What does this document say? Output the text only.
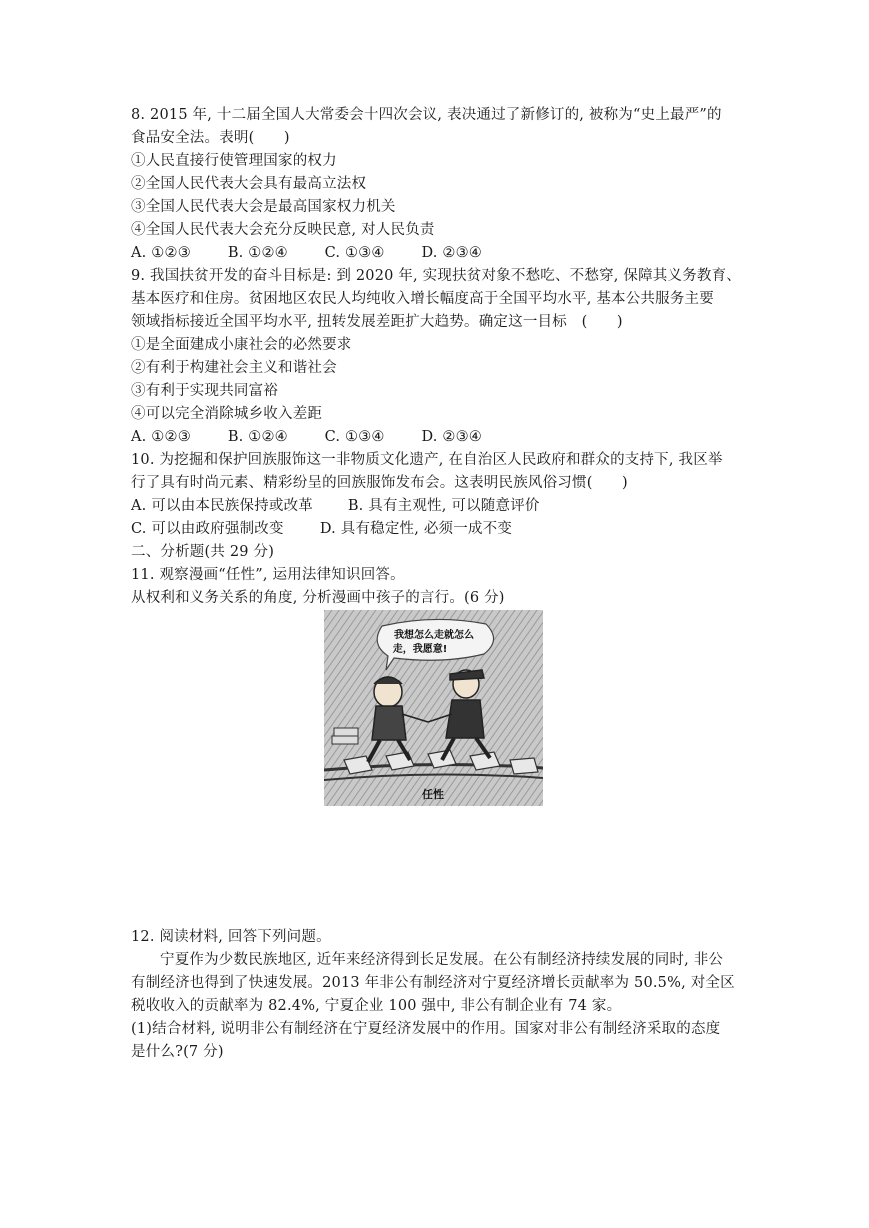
8. 2015 年, 十二届全国人大常委会十四次会议, 表决通过了新修订的, 被称为“史上最严”的
食品安全法。表明(　　)
①人民直接行使管理国家的权力
②全国人民代表大会具有最高立法权
③全国人民代表大会是最高国家权力机关
④全国人民代表大会充分反映民意, 对人民负责
A. ①②③	B. ①②④	C. ①③④	D. ②③④
9. 我国扶贫开发的奋斗目标是: 到 2020 年, 实现扶贫对象不愁吃、不愁穿, 保障其义务教育、
基本医疗和住房。贫困地区农民人均纯收入增长幅度高于全国平均水平, 基本公共服务主要
领域指标接近全国平均水平, 扭转发展差距扩大趋势。确定这一目标　(　　)
①是全面建成小康社会的必然要求
②有利于构建社会主义和谐社会
③有利于实现共同富裕
④可以完全消除城乡收入差距
A. ①②③	B. ①②④	C. ①③④	D. ②③④
10. 为挖掘和保护回族服饰这一非物质文化遗产, 在自治区人民政府和群众的支持下, 我区举
行了具有时尚元素、精彩纷呈的回族服饰发布会。这表明民族风俗习惯(　　)
A. 可以由本民族保持或改革 B. 具有主观性, 可以随意评价
C. 可以由政府强制改变 D. 具有稳定性, 必须一成不变
二、分析题(共 29 分)
11. 观察漫画“任性”, 运用法律知识回答。
从权利和义务关系的角度, 分析漫画中孩子的言行。(6 分)
我想怎么走就怎么
走，我愿意!
任性
12. 阅读材料, 回答下列问题。
宁夏作为少数民族地区, 近年来经济得到长足发展。在公有制经济持续发展的同时, 非公
有制经济也得到了快速发展。2013 年非公有制经济对宁夏经济增长贡献率为 50.5%, 对全区
税收收入的贡献率为 82.4%, 宁夏企业 100 强中, 非公有制企业有 74 家。
(1)结合材料, 说明非公有制经济在宁夏经济发展中的作用。国家对非公有制经济采取的态度
是什么?(7 分)
